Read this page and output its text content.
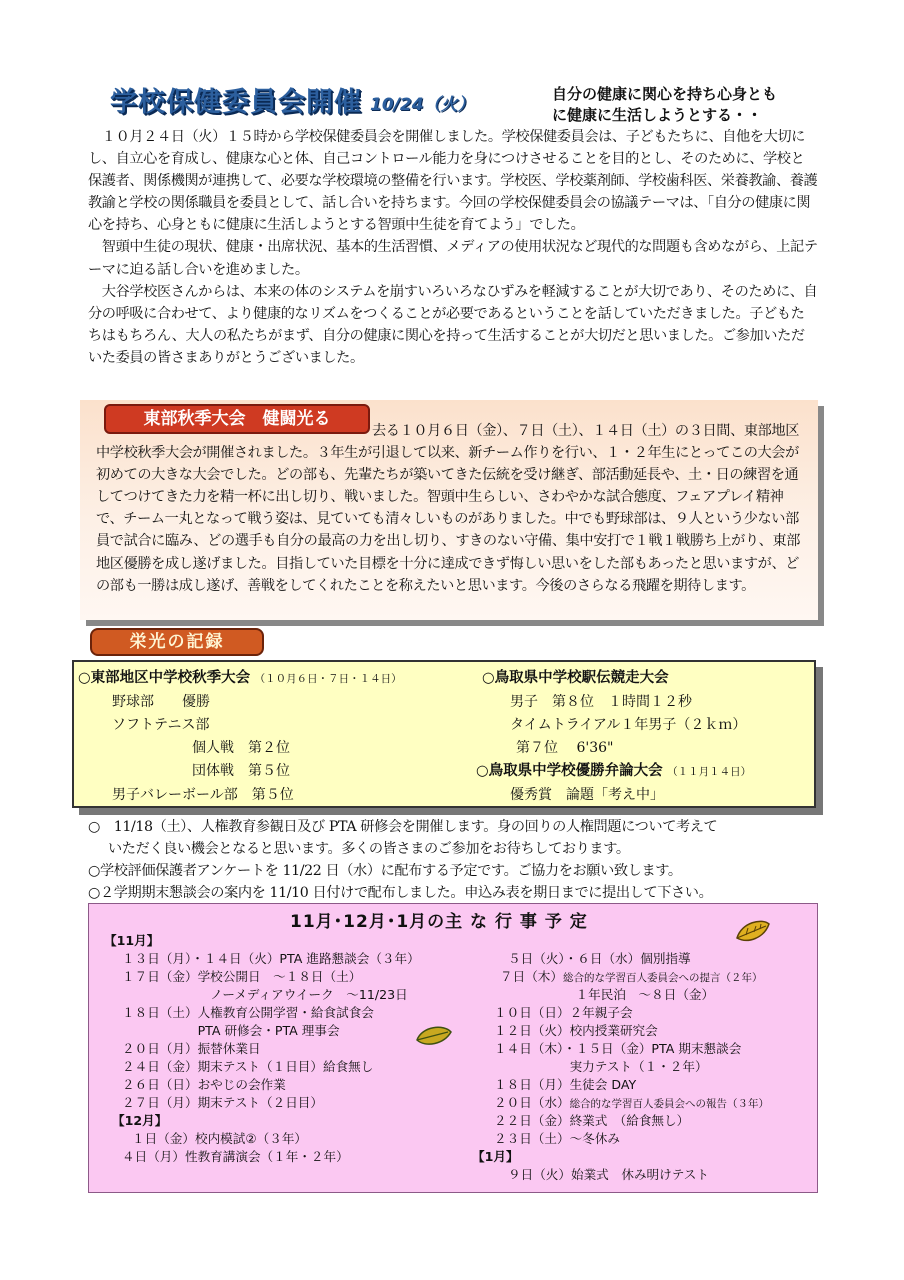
学校保健委員会開催 10/24（火）
自分の健康に関心を持ち心身とも
に健康に生活しようとする・・
　１０月２４日（火）１５時から学校保健委員会を開催しました。学校保健委員会は、子どもたちに、自他を大切にし、自立心を育成し、健康な心と体、自己コントロール能力を身につけさせることを目的とし、そのために、学校と保護者、関係機関が連携して、必要な学校環境の整備を行います。学校医、学校薬剤師、学校歯科医、栄養教諭、養護教諭と学校の関係職員を委員として、話し合いを持ちます。今回の学校保健委員会の協議テーマは、「自分の健康に関心を持ち、心身ともに健康に生活しようとする智頭中生徒を育てよう」でした。
　智頭中生徒の現状、健康・出席状況、基本的生活習慣、メディアの使用状況など現代的な問題も含めながら、上記テーマに迫る話し合いを進めました。
　大谷学校医さんからは、本来の体のシステムを崩すいろいろなひずみを軽減することが大切であり、そのために、自分の呼吸に合わせて、より健康的なリズムをつくることが必要であるということを話していただきました。子どもたちはもちろん、大人の私たちがまず、自分の健康に関心を持って生活することが大切だと思いました。ご参加いただいた委員の皆さまありがとうございました。
去る１０月６日（金）、７日（土）、１４日（土）の３日間、東部地区中学校秋季大会が開催されました。３年生が引退して以来、新チーム作りを行い、１・２年生にとってこの大会が初めての大きな大会でした。どの部も、先輩たちが築いてきた伝統を受け継ぎ、部活動延長や、土・日の練習を通してつけてきた力を精一杯に出し切り、戦いました。智頭中生らしい、さわやかな試合態度、フェアプレイ精神で、チーム一丸となって戦う姿は、見ていても清々しいものがありました。中でも野球部は、９人という少ない部員で試合に臨み、どの選手も自分の最高の力を出し切り、すきのない守備、集中安打で１戦１戦勝ち上がり、東部地区優勝を成し遂げました。目指していた目標を十分に達成できず悔しい思いをした部もあったと思いますが、どの部も一勝は成し遂げ、善戦をしてくれたことを称えたいと思います。今後のさらなる飛躍を期待します。
東部秋季大会　健闘光る
栄光の記録
○東部地区中学校秋季大会 （１０月６日・７日・１４日）
野球部　　優勝
ソフトテニス部
個人戦　第２位
団体戦　第５位
男子バレーボール部　第５位
○鳥取県中学校駅伝競走大会
男子　第８位　１時間１２秒
タイムトライアル１年男子（２ｋｍ）
第７位　 6'36"
○鳥取県中学校優勝弁論大会 （１１月１４日）
優秀賞　論題「考え中」
○　11/18（土）、人権教育参観日及び PTA 研修会を開催します。身の回りの人権問題について考えて
いただく良い機会となると思います。多くの皆さまのご参加をお待ちしております。
○学校評価保護者アンケートを 11/22 日（水）に配布する予定です。ご協力をお願い致します。
○２学期期末懇談会の案内を 11/10 日付けで配布しました。申込み表を期日までに提出して下さい。
11月･12月･1月の主 な 行 事 予 定
【11月】
１３日（月）・１４日（火）PTA 進路懇談会（３年）
１７日（金）学校公開日　～１８日（土）
　　　　　　　ノーメディアウイーク　～11/23日
１８日（土）人権教育公開学習・給食試食会
　　　　　　PTA 研修会・PTA 理事会
２０日（月）振替休業日
２４日（金）期末テスト（１日目）給食無し
２６日（日）おやじの会作業
２７日（月）期末テスト（２日目）
【12月】
１日（金）校内模試②（３年）
４日（月）性教育講演会（１年・２年）
５日（火）・６日（水）個別指導
７日（木）総合的な学習百人委員会への提言（２年）
　　　　　　１年民泊　～８日（金）
１０日（日）２年親子会
１２日（火）校内授業研究会
１４日（木）・１５日（金）PTA 期末懇談会
　　　　　　実力テスト（１・２年）
１８日（月）生徒会 DAY
２０日（水）総合的な学習百人委員会への報告（３年）
２２日（金）終業式　（給食無し）
２３日（土）～冬休み
【1月】
９日（火）始業式　休み明けテスト
